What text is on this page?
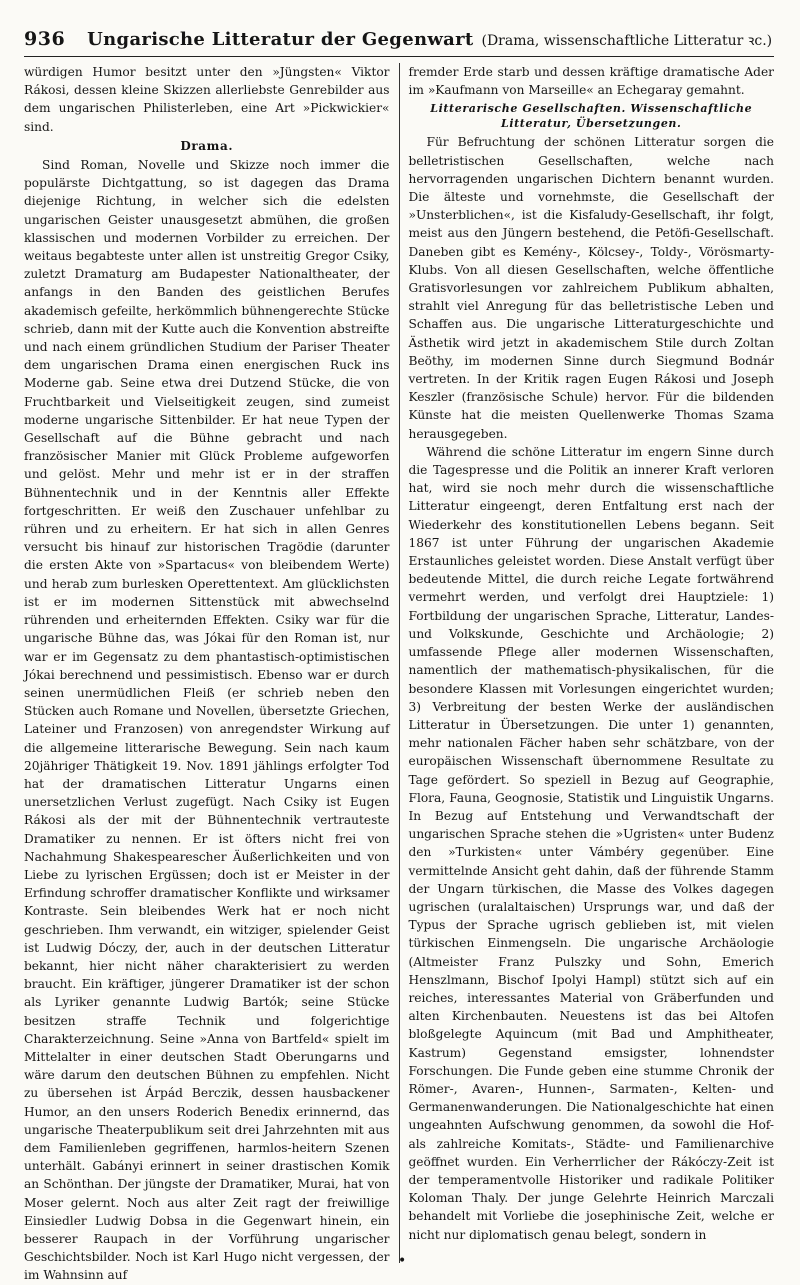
936 Ungarische Litteratur der Gegenwart (Drama, wissenschaftliche Litteratur ꝛc.)

würdigen Humor besitzt unter den »Jüngsten« Viktor Rákosi, dessen kleine Skizzen allerliebste Genrebilder aus dem ungarischen Philisterleben, eine Art »Pickwickier« sind.

Drama.

Sind Roman, Novelle und Skizze noch immer die populärste Dichtgattung, so ist dagegen das Drama diejenige Richtung, in welcher sich die edelsten ungarischen Geister unausgesetzt abmühen, die großen klassischen und modernen Vorbilder zu erreichen. Der weitaus begabteste unter allen ist unstreitig Gregor Csiky, zuletzt Dramaturg am Budapester Nationaltheater, der anfangs in den Banden des geistlichen Berufes akademisch gefeilte, herkömmlich bühnengerechte Stücke schrieb, dann mit der Kutte auch die Konvention abstreifte und nach einem gründlichen Studium der Pariser Theater dem ungarischen Drama einen energischen Ruck ins Moderne gab. Seine etwa drei Dutzend Stücke, die von Fruchtbarkeit und Vielseitigkeit zeugen, sind zumeist moderne ungarische Sittenbilder. Er hat neue Typen der Gesellschaft auf die Bühne gebracht und nach französischer Manier mit Glück Probleme aufgeworfen und gelöst. Mehr und mehr ist er in der straffen Bühnentechnik und in der Kenntnis aller Effekte fortgeschritten. Er weiß den Zuschauer unfehlbar zu rühren und zu erheitern. Er hat sich in allen Genres versucht bis hinauf zur historischen Tragödie (darunter die ersten Akte von »Spartacus« von bleibendem Werte) und herab zum burlesken Operettentext. Am glücklichsten ist er im modernen Sittenstück mit abwechselnd rührenden und erheiternden Effekten. Csiky war für die ungarische Bühne das, was Jókai für den Roman ist, nur war er im Gegensatz zu dem phantastisch-optimistischen Jókai berechnend und pessimistisch. Ebenso war er durch seinen unermüdlichen Fleiß (er schrieb neben den Stücken auch Romane und Novellen, übersetzte Griechen, Lateiner und Franzosen) von anregendster Wirkung auf die allgemeine litterarische Bewegung. Sein nach kaum 20jähriger Thätigkeit 19. Nov. 1891 jählings erfolgter Tod hat der dramatischen Litteratur Ungarns einen unersetzlichen Verlust zugefügt. Nach Csiky ist Eugen Rákosi als der mit der Bühnentechnik vertrauteste Dramatiker zu nennen. Er ist öfters nicht frei von Nachahmung Shakespearescher Äußerlichkeiten und von Liebe zu lyrischen Ergüssen; doch ist er Meister in der Erfindung schroffer dramatischer Konflikte und wirksamer Kontraste. Sein bleibendes Werk hat er noch nicht geschrieben. Ihm verwandt, ein witziger, spielender Geist ist Ludwig Dóczy, der, auch in der deutschen Litteratur bekannt, hier nicht näher charakterisiert zu werden braucht. Ein kräftiger, jüngerer Dramatiker ist der schon als Lyriker genannte Ludwig Bartók; seine Stücke besitzen straffe Technik und folgerichtige Charakterzeichnung. Seine »Anna von Bartfeld« spielt im Mittelalter in einer deutschen Stadt Oberungarns und wäre darum den deutschen Bühnen zu empfehlen. Nicht zu übersehen ist Árpád Berczik, dessen hausbackener Humor, an den unsers Roderich Benedix erinnernd, das ungarische Theaterpublikum seit drei Jahrzehnten mit aus dem Familienleben gegriffenen, harmlos-heitern Szenen unterhält. Gabányi erinnert in seiner drastischen Komik an Schönthan. Der jüngste der Dramatiker, Murai, hat von Moser gelernt. Noch aus alter Zeit ragt der freiwillige Einsiedler Ludwig Dobsa in die Gegenwart hinein, ein besserer Raupach in der Vorführung ungarischer Geschichtsbilder. Noch ist Karl Hugo nicht vergessen, der im Wahnsinn auf

fremder Erde starb und dessen kräftige dramatische Ader im »Kaufmann von Marseille« an Echegaray gemahnt.

Litterarische Gesellschaften. Wissenschaftliche Litteratur, Übersetzungen.

Für Befruchtung der schönen Litteratur sorgen die belletristischen Gesellschaften, welche nach hervorragenden ungarischen Dichtern benannt wurden. Die älteste und vornehmste, die Gesellschaft der »Unsterblichen«, ist die Kisfaludy-Gesellschaft, ihr folgt, meist aus den Jüngern bestehend, die Petöfi-Gesellschaft. Daneben gibt es Kemény-, Kölcsey-, Toldy-, Vörösmarty-Klubs. Von all diesen Gesellschaften, welche öffentliche Gratisvorlesungen vor zahlreichem Publikum abhalten, strahlt viel Anregung für das belletristische Leben und Schaffen aus. Die ungarische Litteraturgeschichte und Ästhetik wird jetzt in akademischem Stile durch Zoltan Beöthy, im modernen Sinne durch Siegmund Bodnár vertreten. In der Kritik ragen Eugen Rákosi und Joseph Keszler (französische Schule) hervor. Für die bildenden Künste hat die meisten Quellenwerke Thomas Szama herausgegeben.

Während die schöne Litteratur im engern Sinne durch die Tagespresse und die Politik an innerer Kraft verloren hat, wird sie noch mehr durch die wissenschaftliche Litteratur eingeengt, deren Entfaltung erst nach der Wiederkehr des konstitutionellen Lebens begann. Seit 1867 ist unter Führung der ungarischen Akademie Erstaunliches geleistet worden. Diese Anstalt verfügt über bedeutende Mittel, die durch reiche Legate fortwährend vermehrt werden, und verfolgt drei Hauptziele: 1) Fortbildung der ungarischen Sprache, Litteratur, Landes- und Volkskunde, Geschichte und Archäologie; 2) umfassende Pflege aller modernen Wissenschaften, namentlich der mathematisch-physikalischen, für die besondere Klassen mit Vorlesungen eingerichtet wurden; 3) Verbreitung der besten Werke der ausländischen Litteratur in Übersetzungen. Die unter 1) genannten, mehr nationalen Fächer haben sehr schätzbare, von der europäischen Wissenschaft übernommene Resultate zu Tage gefördert. So speziell in Bezug auf Geographie, Flora, Fauna, Geognosie, Statistik und Linguistik Ungarns. In Bezug auf Entstehung und Verwandtschaft der ungarischen Sprache stehen die »Ugristen« unter Budenz den »Turkisten« unter Vámbéry gegenüber. Eine vermittelnde Ansicht geht dahin, daß der führende Stamm der Ungarn türkischen, die Masse des Volkes dagegen ugrischen (uralaltaischen) Ursprungs war, und daß der Typus der Sprache ugrisch geblieben ist, mit vielen türkischen Einmengseln. Die ungarische Archäologie (Altmeister Franz Pulszky und Sohn, Emerich Henszlmann, Bischof Ipolyi Hampl) stützt sich auf ein reiches, interessantes Material von Gräberfunden und alten Kirchenbauten. Neuestens ist das bei Altofen bloßgelegte Aquincum (mit Bad und Amphitheater, Kastrum) Gegenstand emsigster, lohnendster Forschungen. Die Funde geben eine stumme Chronik der Römer-, Avaren-, Hunnen-, Sarmaten-, Kelten- und Germanenwanderungen. Die Nationalgeschichte hat einen ungeahnten Aufschwung genommen, da sowohl die Hof- als zahlreiche Komitats-, Städte- und Familienarchive geöffnet wurden. Ein Verherrlicher der Rákóczy-Zeit ist der temperamentvolle Historiker und radikale Politiker Koloman Thaly. Der junge Gelehrte Heinrich Marczali behandelt mit Vorliebe die josephinische Zeit, welche er nicht nur diplomatisch genau belegt, sondern in

•
